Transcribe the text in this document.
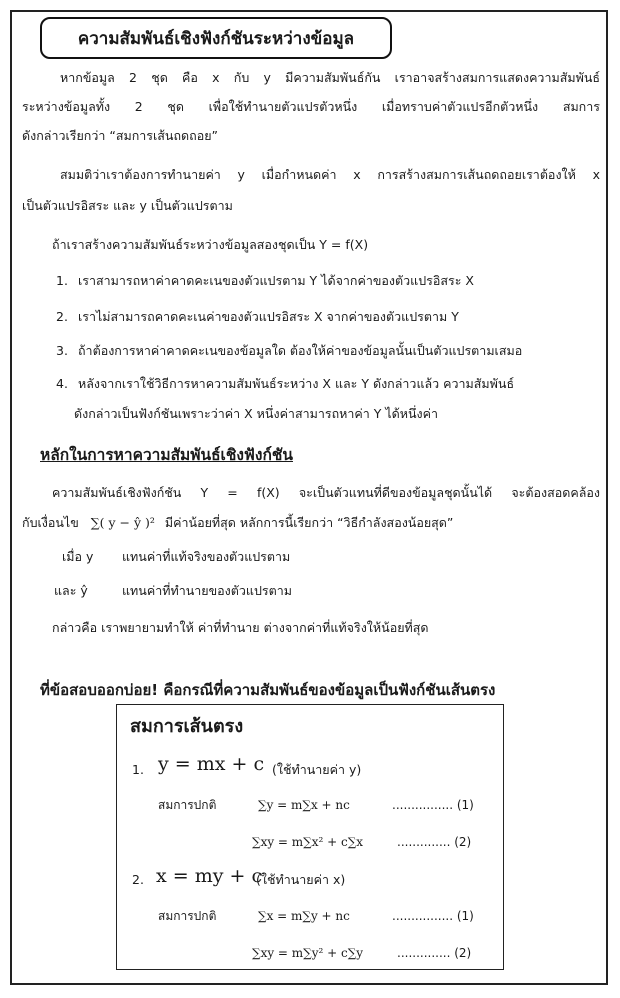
ความสัมพันธ์เชิงฟังก์ชันระหว่างข้อมูล
หากข้อมูล 2 ชุด คือ x กับ y มีความสัมพันธ์กัน เราอาจสร้างสมการแสดงความสัมพันธ์
ระหว่างข้อมูลทั้ง 2 ชุด เพื่อใช้ทำนายตัวแปรตัวหนึ่ง เมื่อทราบค่าตัวแปรอีกตัวหนึ่ง สมการ
ดังกล่าวเรียกว่า “สมการเส้นถดถอย”
สมมติว่าเราต้องการทำนายค่า y เมื่อกำหนดค่า x การสร้างสมการเส้นถดถอยเราต้องให้ x
เป็นตัวแปรอิสระ และ y เป็นตัวแปรตาม
ถ้าเราสร้างความสัมพันธ์ระหว่างข้อมูลสองชุดเป็น Y = f(X)
1. เราสามารถหาค่าคาดคะเนของตัวแปรตาม Y ได้จากค่าของตัวแปรอิสระ X
2. เราไม่สามารถคาดคะเนค่าของตัวแปรอิสระ X จากค่าของตัวแปรตาม Y
3. ถ้าต้องการหาค่าคาดคะเนของข้อมูลใด ต้องให้ค่าของข้อมูลนั้นเป็นตัวแปรตามเสมอ
4. หลังจากเราใช้วิธีการหาความสัมพันธ์ระหว่าง X และ Y ดังกล่าวแล้ว ความสัมพันธ์
ดังกล่าวเป็นฟังก์ชันเพราะว่าค่า X หนึ่งค่าสามารถหาค่า Y ได้หนึ่งค่า
หลักในการหาความสัมพันธ์เชิงฟังก์ชัน
ความสัมพันธ์เชิงฟังก์ชัน Y = f(X) จะเป็นตัวแทนที่ดีของข้อมูลชุดนั้นได้ จะต้องสอดคล้อง
กับเงื่อนไข ∑( y − ŷ )² มีค่าน้อยที่สุด หลักการนี้เรียกว่า “วิธีกำลังสองน้อยสุด”
เมื่อ y แทนค่าที่แท้จริงของตัวแปรตาม
และ ŷ	แทนค่าที่ทำนายของตัวแปรตาม
กล่าวคือ เราพยายามทำให้ ค่าที่ทำนาย ต่างจากค่าที่แท้จริงให้น้อยที่สุด
ที่ข้อสอบออกบ่อย! คือกรณีที่ความสัมพันธ์ของข้อมูลเป็นฟังก์ชันเส้นตรง
สมการเส้นตรง
1. y = mx + c (ใช้ทำนายค่า y)
สมการปกติ	∑y = m∑x + nc	................ (1)
∑xy = m∑x² + c∑x	.............. (2)
2. x = my + c
(ใช้ทำนายค่า x)
สมการปกติ	∑x = m∑y + nc	................ (1)
∑xy = m∑y² + c∑y	.............. (2)
